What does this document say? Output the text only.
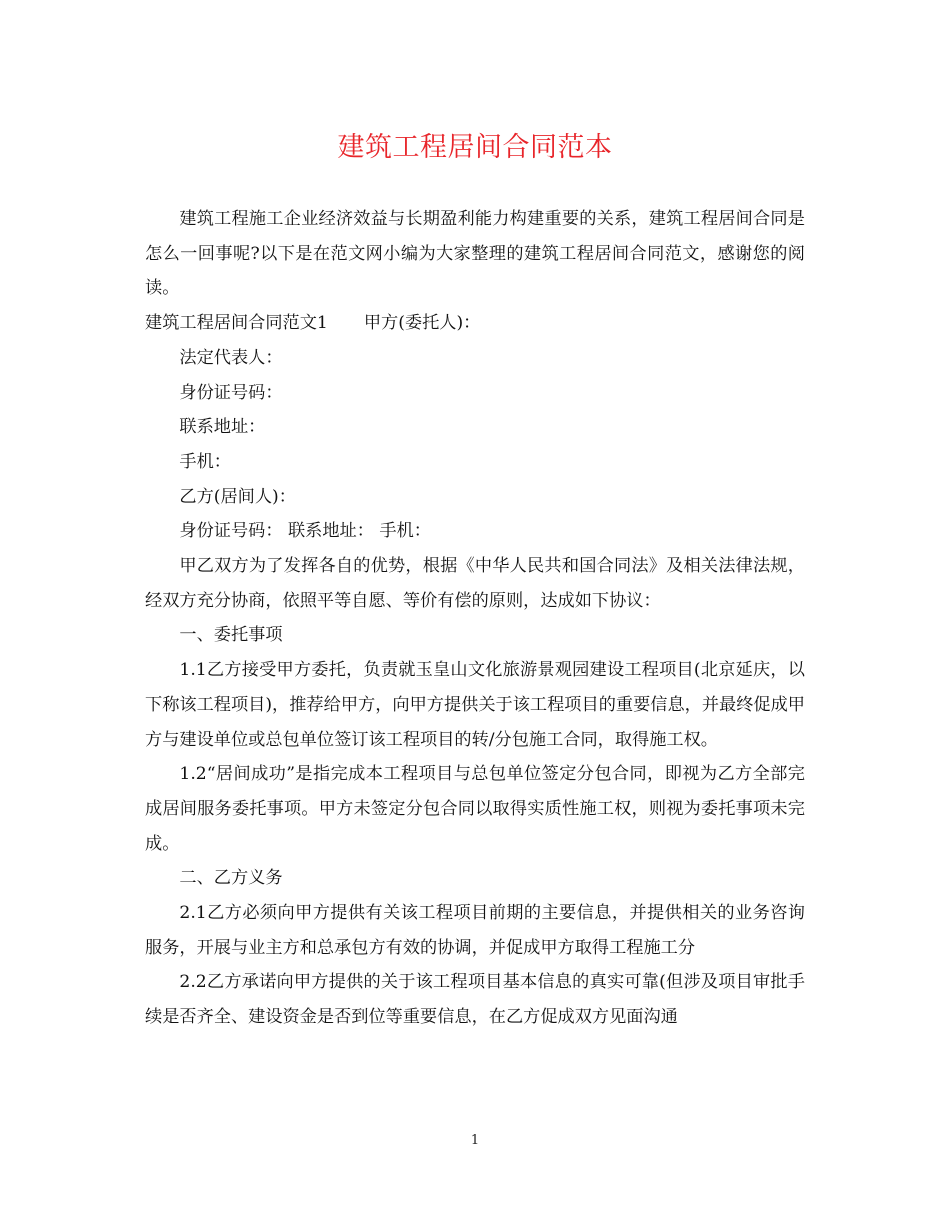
建筑工程居间合同范本

建筑工程施工企业经济效益与长期盈利能力构建重要的关系，建筑工程居间合同是怎么一回事呢?以下是在范文网小编为大家整理的建筑工程居间合同范文，感谢您的阅读。

建筑工程居间合同范文1 甲方(委托人)：

法定代表人：

身份证号码：

联系地址：

手机：

乙方(居间人)：

身份证号码： 联系地址： 手机：

甲乙双方为了发挥各自的优势，根据《中华人民共和国合同法》及相关法律法规，经双方充分协商，依照平等自愿、等价有偿的原则，达成如下协议：

一、委托事项

1.1乙方接受甲方委托，负责就玉皇山文化旅游景观园建设工程项目(北京延庆，以下称该工程项目)，推荐给甲方，向甲方提供关于该工程项目的重要信息，并最终促成甲方与建设单位或总包单位签订该工程项目的转/分包施工合同，取得施工权。

1.2“居间成功”是指完成本工程项目与总包单位签定分包合同，即视为乙方全部完成居间服务委托事项。甲方未签定分包合同以取得实质性施工权，则视为委托事项未完成。

二、乙方义务

2.1乙方必须向甲方提供有关该工程项目前期的主要信息，并提供相关的业务咨询服务，开展与业主方和总承包方有效的协调，并促成甲方取得工程施工分

2.2乙方承诺向甲方提供的关于该工程项目基本信息的真实可靠(但涉及项目审批手续是否齐全、建设资金是否到位等重要信息，在乙方促成双方见面沟通

1
